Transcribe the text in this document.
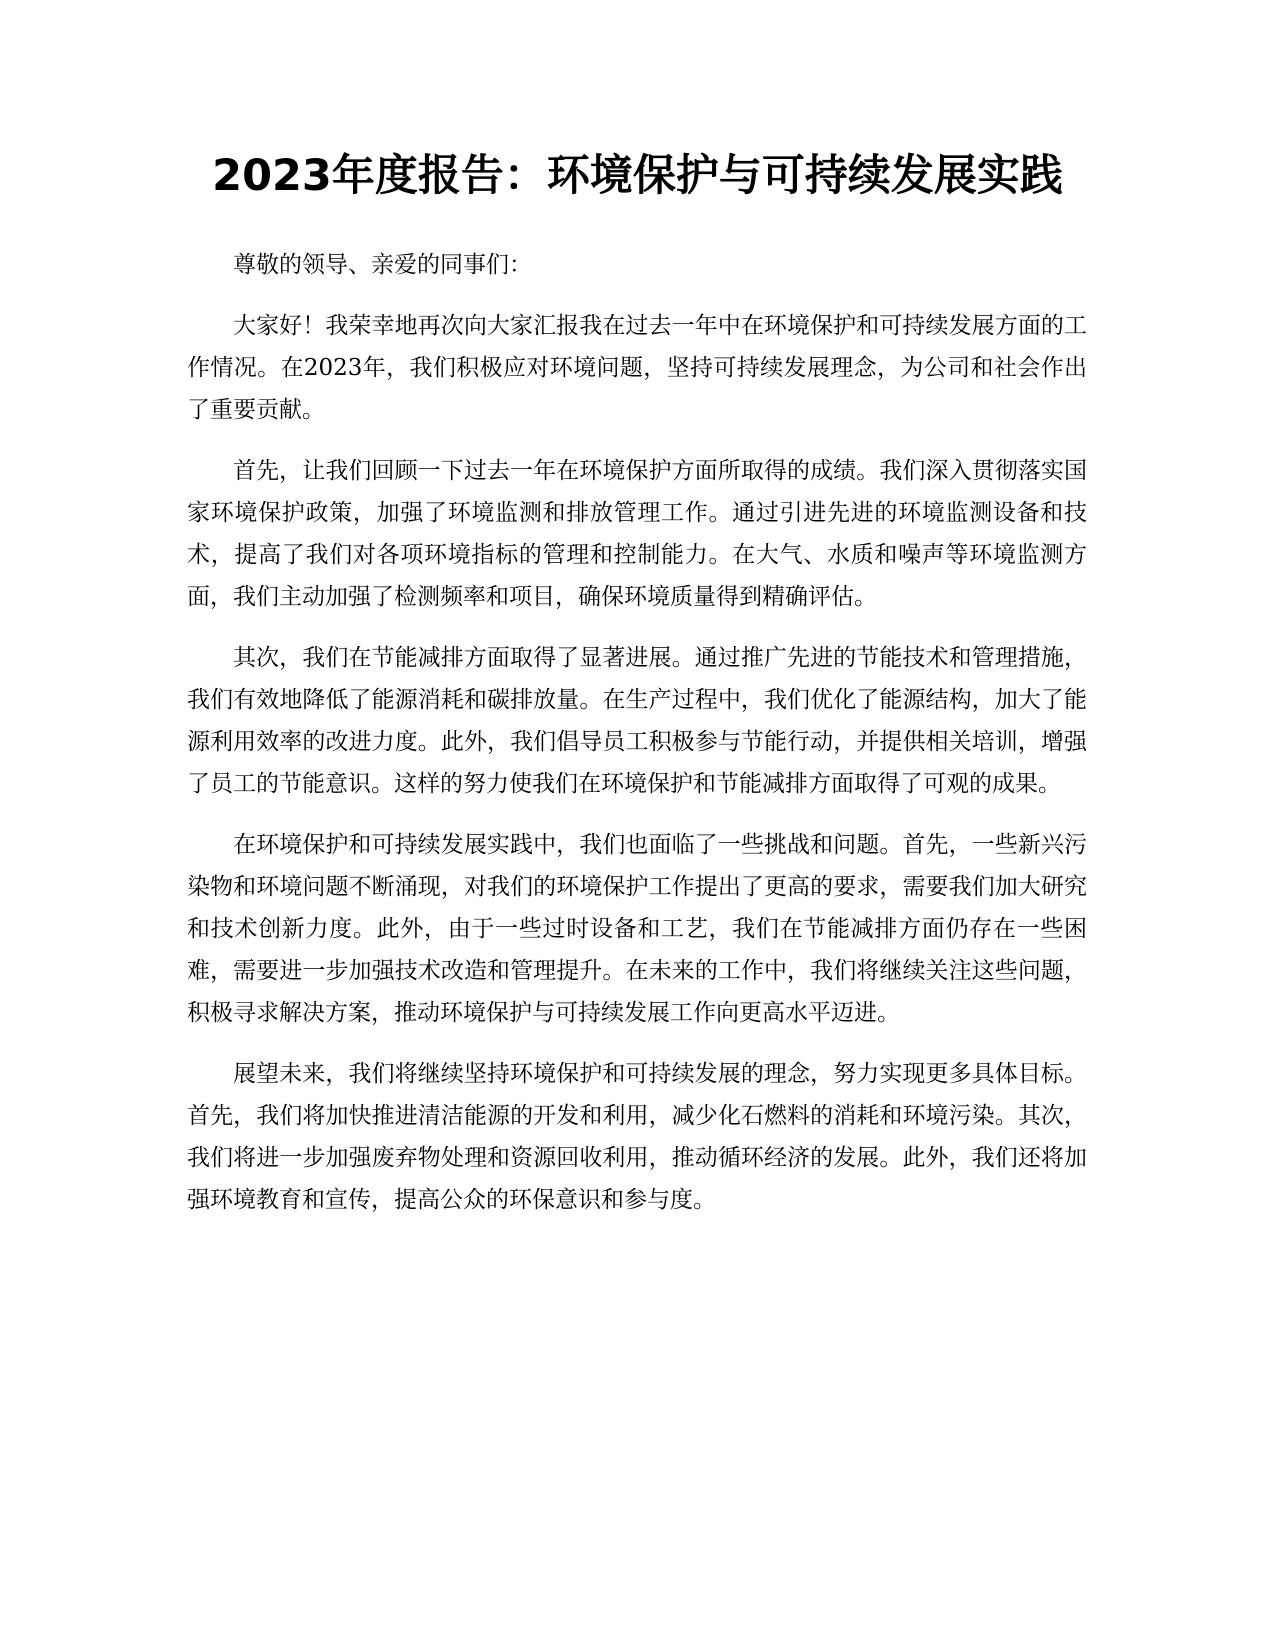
2023年度报告：环境保护与可持续发展实践

尊敬的领导、亲爱的同事们：

大家好！我荣幸地再次向大家汇报我在过去一年中在环境保护和可持续发展方面的工作情况。在2023年，我们积极应对环境问题，坚持可持续发展理念，为公司和社会作出了重要贡献。

首先，让我们回顾一下过去一年在环境保护方面所取得的成绩。我们深入贯彻落实国家环境保护政策，加强了环境监测和排放管理工作。通过引进先进的环境监测设备和技术，提高了我们对各项环境指标的管理和控制能力。在大气、水质和噪声等环境监测方面，我们主动加强了检测频率和项目，确保环境质量得到精确评估。

其次，我们在节能减排方面取得了显著进展。通过推广先进的节能技术和管理措施，我们有效地降低了能源消耗和碳排放量。在生产过程中，我们优化了能源结构，加大了能源利用效率的改进力度。此外，我们倡导员工积极参与节能行动，并提供相关培训，增强了员工的节能意识。这样的努力使我们在环境保护和节能减排方面取得了可观的成果。

在环境保护和可持续发展实践中，我们也面临了一些挑战和问题。首先，一些新兴污染物和环境问题不断涌现，对我们的环境保护工作提出了更高的要求，需要我们加大研究和技术创新力度。此外，由于一些过时设备和工艺，我们在节能减排方面仍存在一些困难，需要进一步加强技术改造和管理提升。在未来的工作中，我们将继续关注这些问题，积极寻求解决方案，推动环境保护与可持续发展工作向更高水平迈进。

展望未来，我们将继续坚持环境保护和可持续发展的理念，努力实现更多具体目标。首先，我们将加快推进清洁能源的开发和利用，减少化石燃料的消耗和环境污染。其次，我们将进一步加强废弃物处理和资源回收利用，推动循环经济的发展。此外，我们还将加强环境教育和宣传，提高公众的环保意识和参与度。
